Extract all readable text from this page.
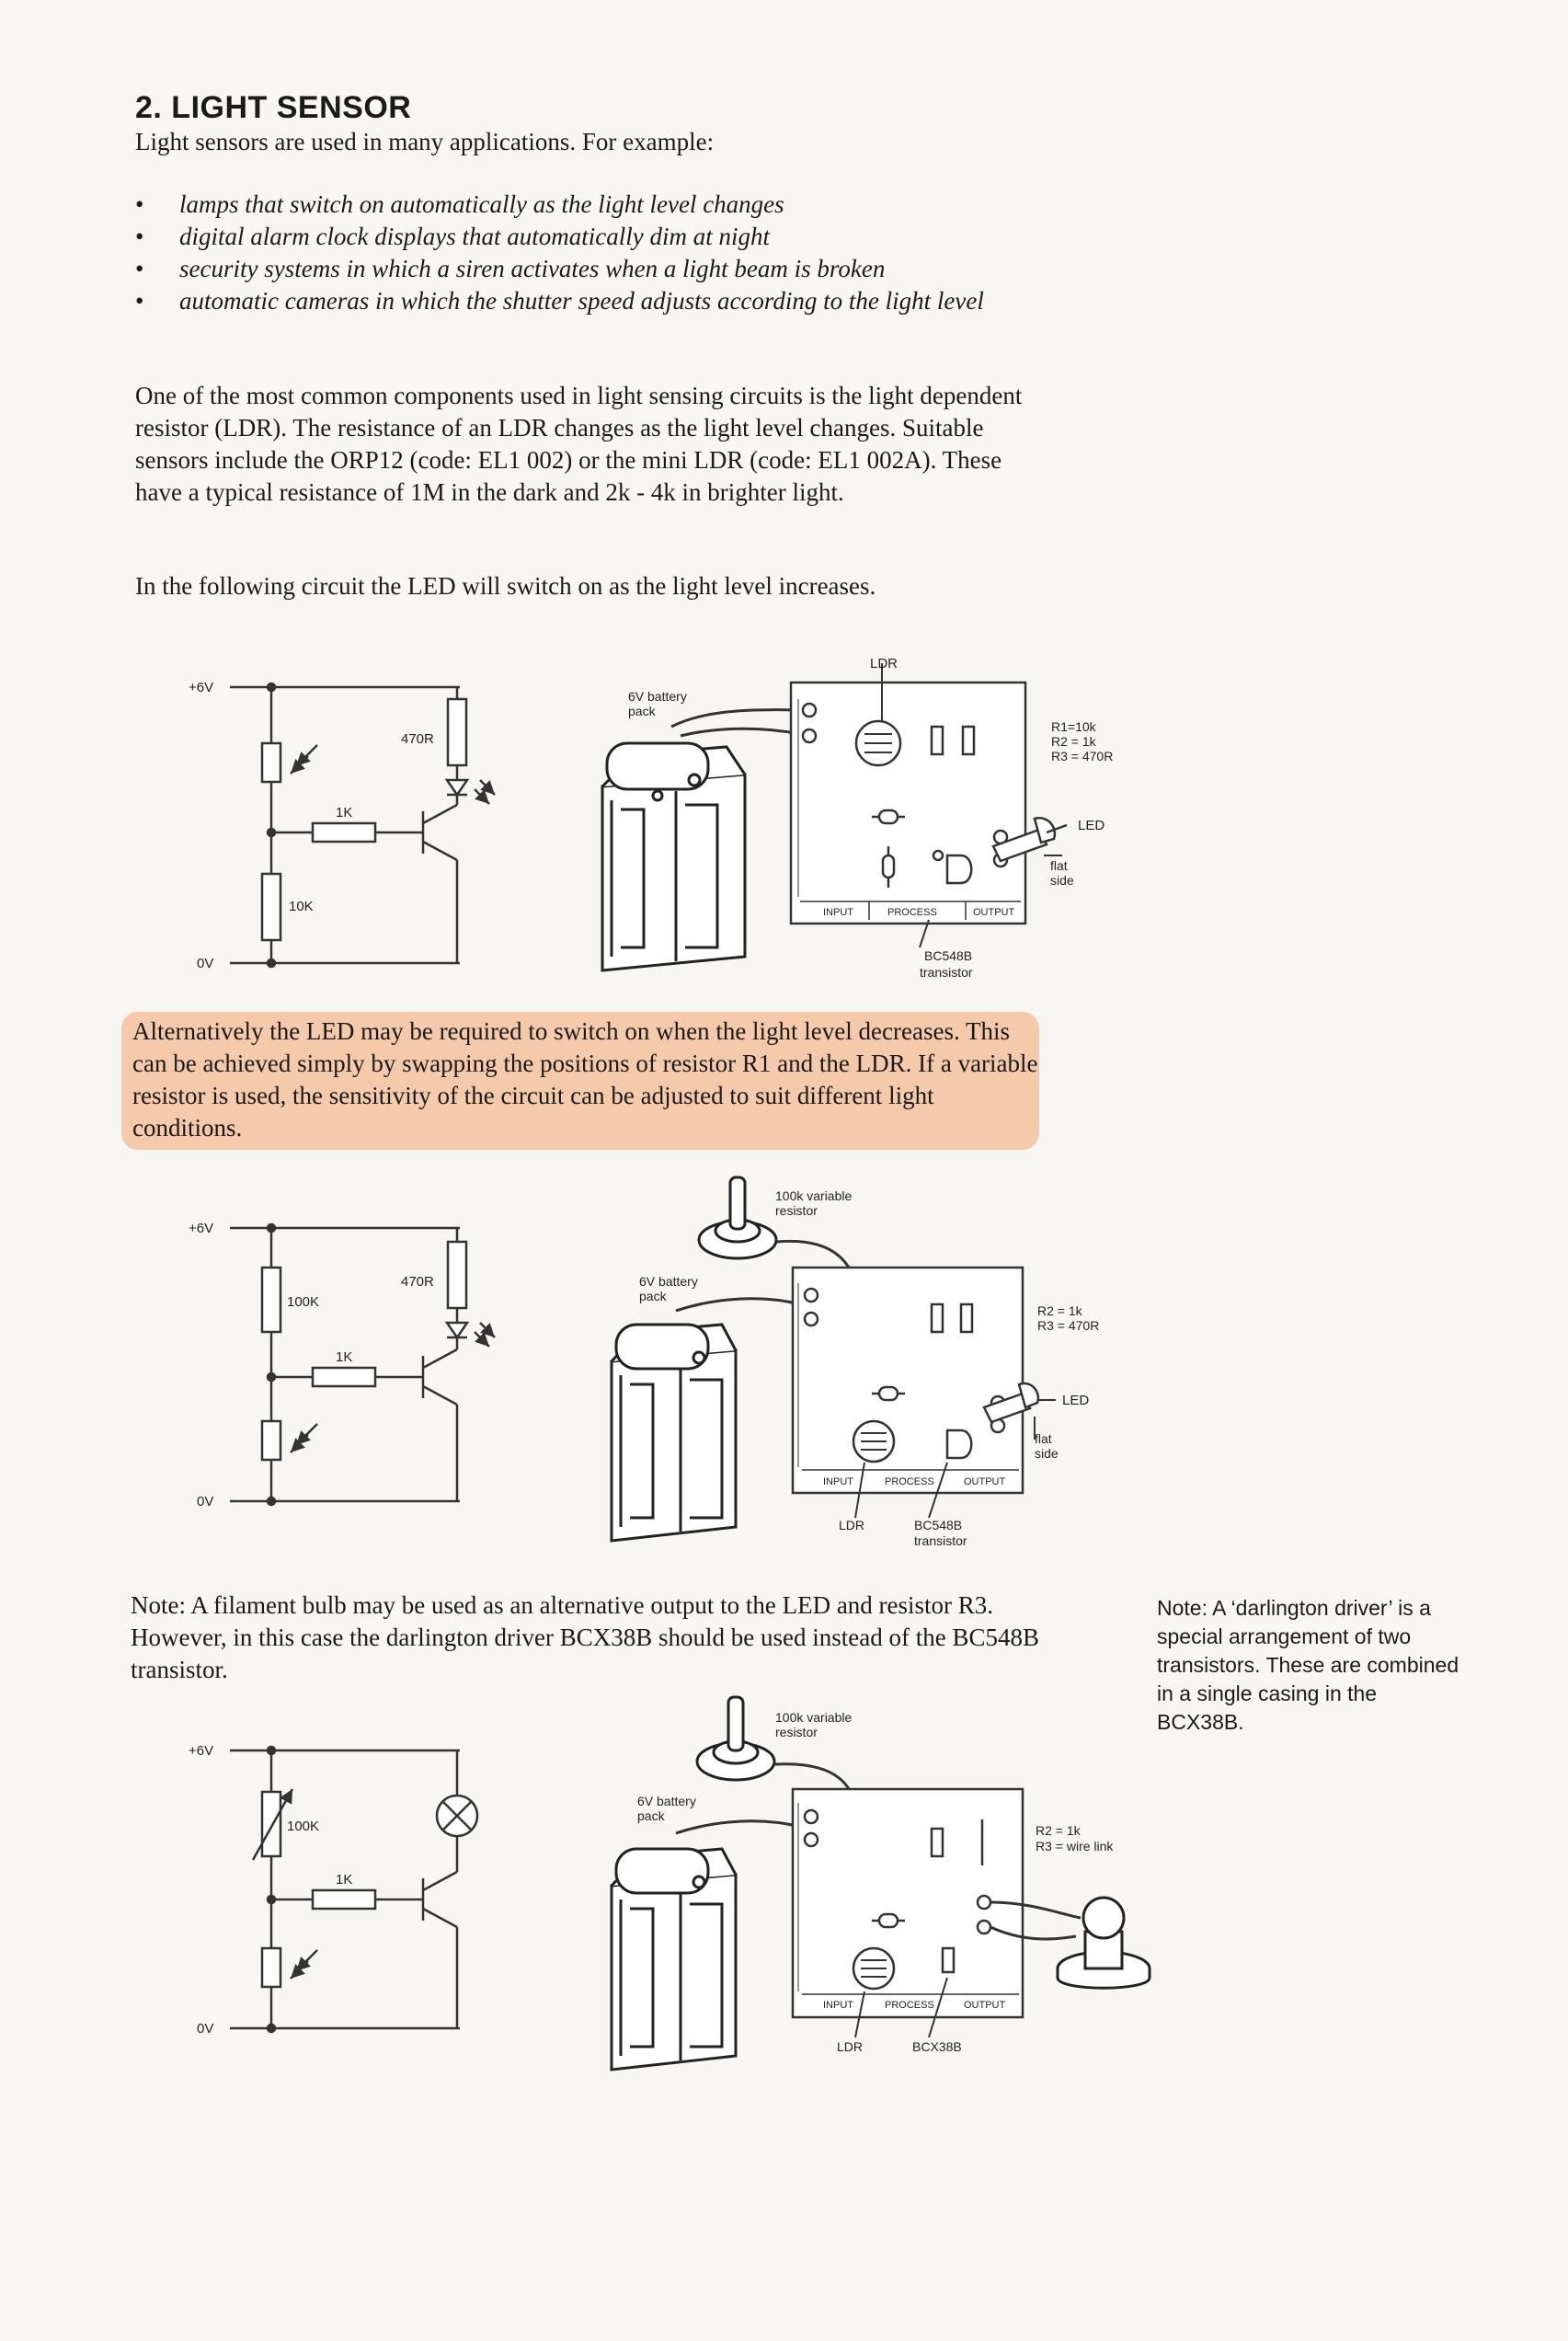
2. LIGHT SENSOR

Light sensors are used in many applications. For example:

• lamps that switch on automatically as the light level changes
• digital alarm clock displays that automatically dim at night
• security systems in which a siren activates when a light beam is broken
• automatic cameras in which the shutter speed adjusts according to the light level

One of the most common components used in light sensing circuits is the light dependent resistor (LDR). The resistance of an LDR changes as the light level changes. Suitable sensors include the ORP12 (code: EL1 002) or the mini LDR (code: EL1 002A). These have a typical resistance of 1M in the dark and 2k - 4k in brighter light.

In the following circuit the LED will switch on as the light level increases.

Alternatively the LED may be required to switch on when the light level decreases. This can be achieved simply by swapping the positions of resistor R1 and the LDR. If a variable resistor is used, the sensitivity of the circuit can be adjusted to suit different light conditions.

Note: A filament bulb may be used as an alternative output to the LED and resistor R3. However, in this case the darlington driver BCX38B should be used instead of the BC548B transistor.

Note: A ‘darlington driver’ is a special arrangement of two transistors. These are combined in a single casing in the BCX38B.

+6V
0V
470R
1K
10K
6V battery pack
LDR
R1=10k
R2 = 1k
R3 = 470R
LED
flat side
BC548B
transistor
INPUT	PROCESS	OUTPUT
+6V
0V
470R
1K
100K
100k variable resistor
6V battery pack
R2 = 1k
R3 = 470R
LED
flat side
LDR	BC548B
transistor
INPUT	PROCESS	OUTPUT
+6V
0V
1K
100K
100k variable resistor
6V battery pack
R2 = 1k
R3 = wire link
LDR	BCX38B
INPUT	PROCESS	OUTPUT
